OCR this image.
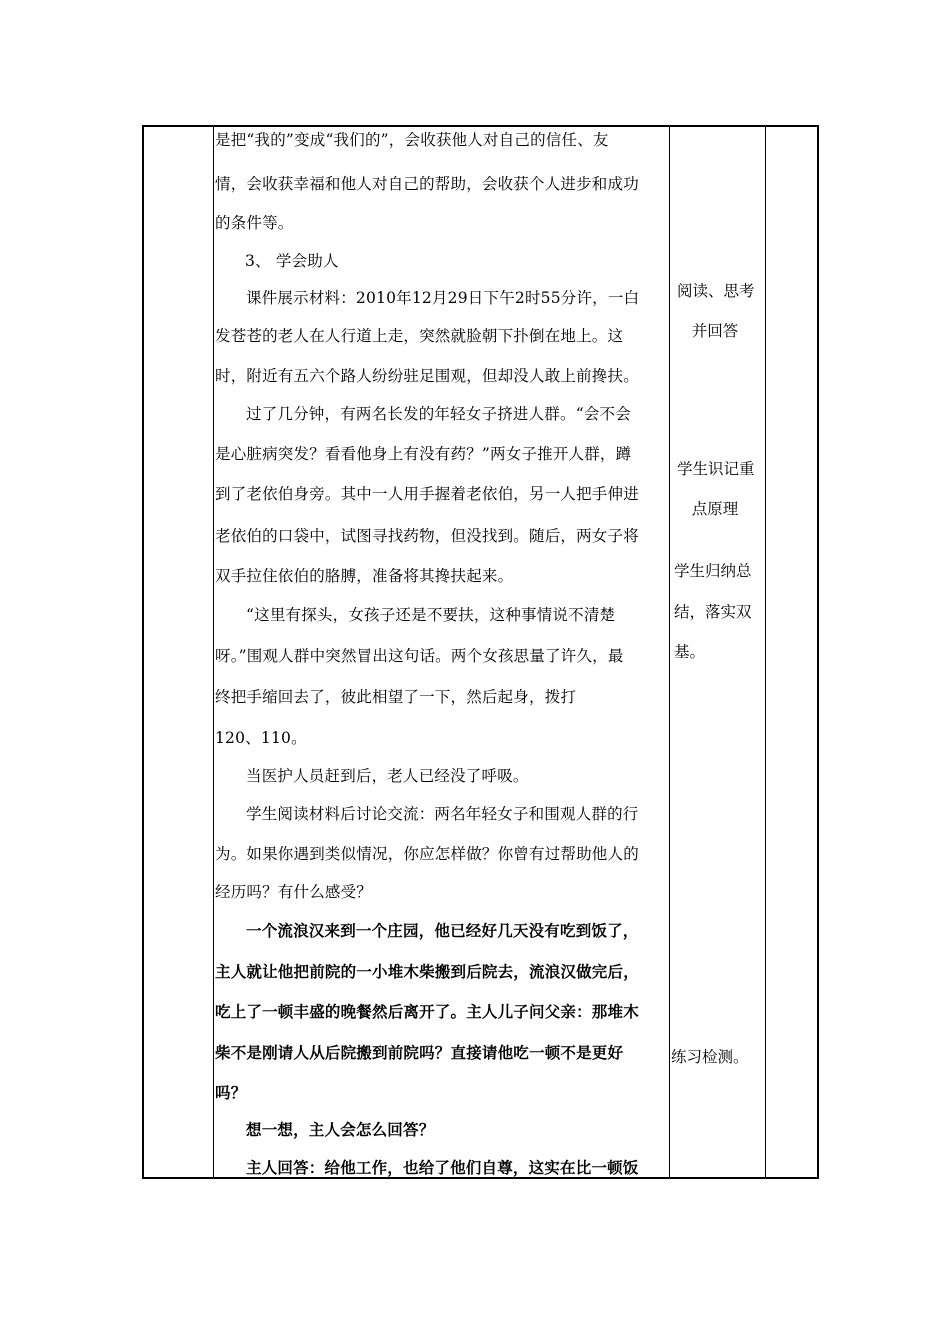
是把“我的”变成“我们的”，会收获他人对自己的信任、友
情，会收获幸福和他人对自己的帮助，会收获个人进步和成功
的条件等。
3、 学会助人
课件展示材料：2010年12月29日下午2时55分许，一白
发苍苍的老人在人行道上走，突然就脸朝下扑倒在地上。这
时，附近有五六个路人纷纷驻足围观，但却没人敢上前搀扶。
过了几分钟，有两名长发的年轻女子挤进人群。“会不会
是心脏病突发？看看他身上有没有药？”两女子推开人群，蹲
到了老依伯身旁。其中一人用手握着老依伯，另一人把手伸进
老依伯的口袋中，试图寻找药物，但没找到。随后，两女子将
双手拉住依伯的胳膊，准备将其搀扶起来。
“这里有探头，女孩子还是不要扶，这种事情说不清楚
呀。”围观人群中突然冒出这句话。两个女孩思量了许久，最
终把手缩回去了，彼此相望了一下，然后起身，拨打
120、110。
当医护人员赶到后，老人已经没了呼吸。
学生阅读材料后讨论交流：两名年轻女子和围观人群的行
为。如果你遇到类似情况，你应怎样做？你曾有过帮助他人的
经历吗？有什么感受？
一个流浪汉来到一个庄园，他已经好几天没有吃到饭了，
主人就让他把前院的一小堆木柴搬到后院去，流浪汉做完后，
吃上了一顿丰盛的晚餐然后离开了。主人儿子问父亲：那堆木
柴不是刚请人从后院搬到前院吗？直接请他吃一顿不是更好
吗？
想一想，主人会怎么回答？
主人回答：给他工作，也给了他们自尊，这实在比一顿饭
阅读、思考
并回答
学生识记重
点原理
学生归纳总
结，落实双
基。
练习检测。
